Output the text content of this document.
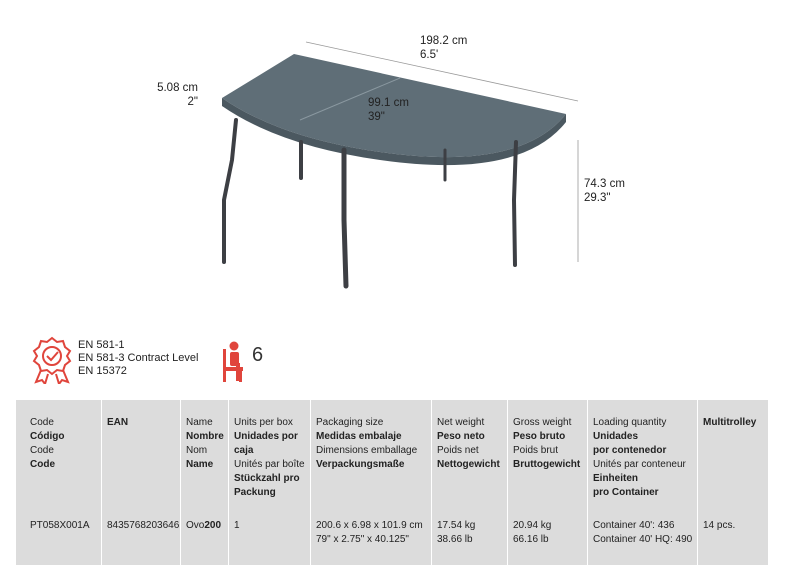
198.2 cm
6.5'
5.08 cm
2"	99.1 cm
39"
74.3 cm
29.3"
EN 581-1
EN 581-3 Contract Level
EN 15372
6
Code
Código
Code
Code
PT058X001A
EAN
8435768203646
Name
Nombre
Nom
Name
Ovo200
Units per box
Unidades por
caja
Unités par boîte
Stückzahl pro
Packung
1
Packaging size
Medidas embalaje
Dimensions emballage
Verpackungsmaße
200.6 x 6.98 x 101.9 cm
79" x 2.75" x 40.125"
Net weight
Peso neto
Poids net
Nettogewicht
17.54 kg
38.66 lb
Gross weight
Peso bruto
Poids brut
Bruttogewicht
20.94 kg
66.16 lb
Loading quantity
Unidades
por contenedor
Unités par conteneur
Einheiten
pro Container
Container 40': 436
Container 40' HQ: 490
Multitrolley
14 pcs.
